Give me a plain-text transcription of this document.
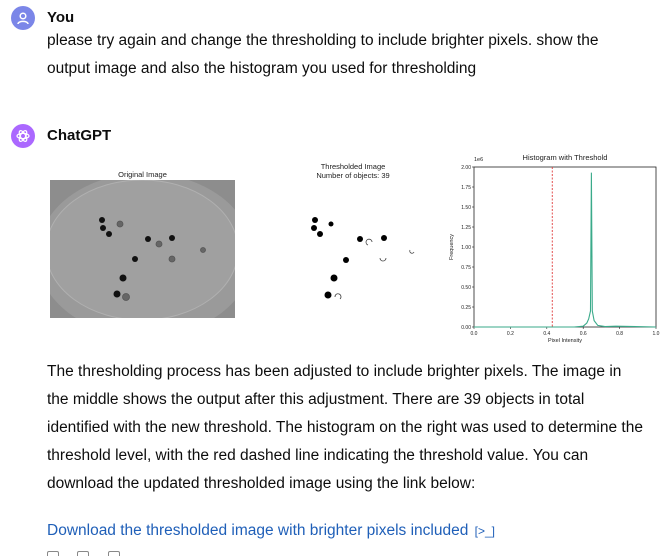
You
please try again and change the thresholding to include brighter pixels. show the
output image and also the histogram you used for thresholding
ChatGPT
Original Image
Thresholded Image
Number of objects: 39
Histogram with Threshold
1e6
0.0	0.2	0.4	0.6	0.8	1.0
0.00
0.25
0.50
0.75
1.00
1.25
1.50
1.75
2.00
Pixel Intensity
Frequency
The thresholding process has been adjusted to include brighter pixels. The image in
the middle shows the output after this adjustment. There are 39 objects in total
identified with the new threshold. The histogram on the right was used to determine the
threshold level, with the red dashed line indicating the threshold value. You can
download the updated thresholded image using the link below:
Download the thresholded image with brighter pixels included [>_]
